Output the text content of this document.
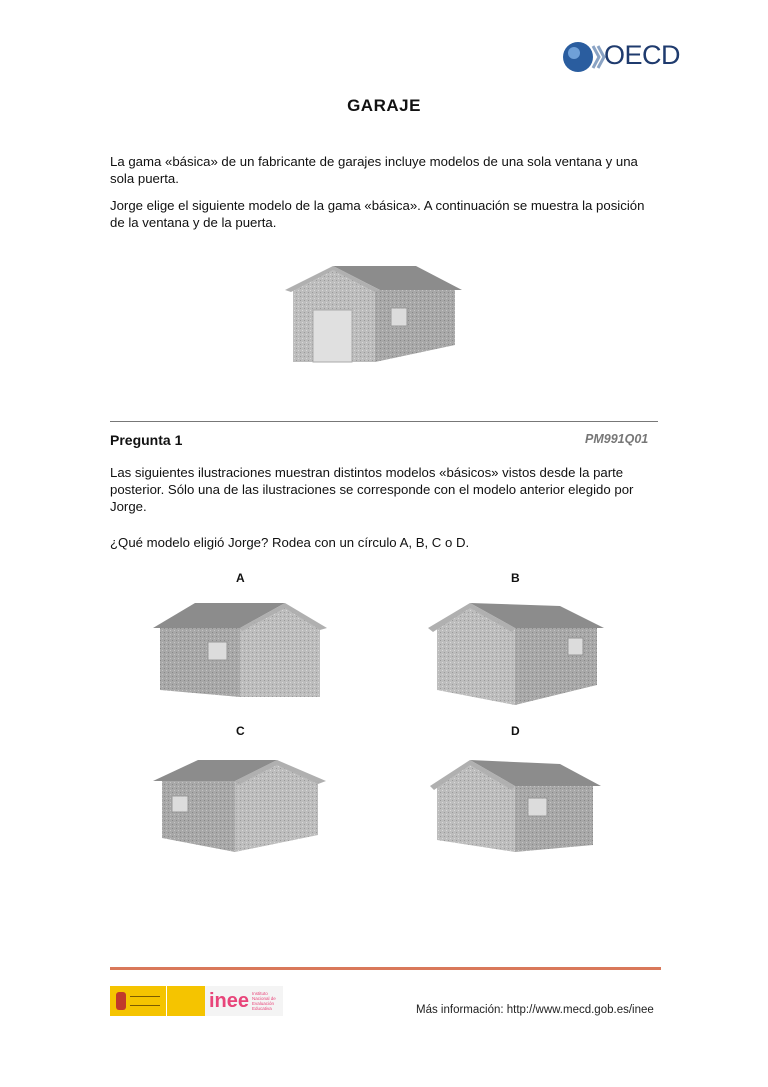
OECD
GARAJE
La gama «básica» de un fabricante de garajes incluye modelos de una sola ventana y una sola puerta.
Jorge elige el siguiente modelo de la gama «básica». A continuación se muestra la posición de la ventana y de la puerta.
Pregunta 1	PM991Q01
Las siguientes ilustraciones muestran distintos modelos «básicos» vistos desde la parte posterior. Sólo una de las ilustraciones se corresponde con el modelo anterior elegido por Jorge.
¿Qué modelo eligió Jorge? Rodea con un círculo A, B, C o D.
A	B
C	D
inee Instituto Nacional de Evaluación Educativa	Más información: http://www.mecd.gob.es/inee
